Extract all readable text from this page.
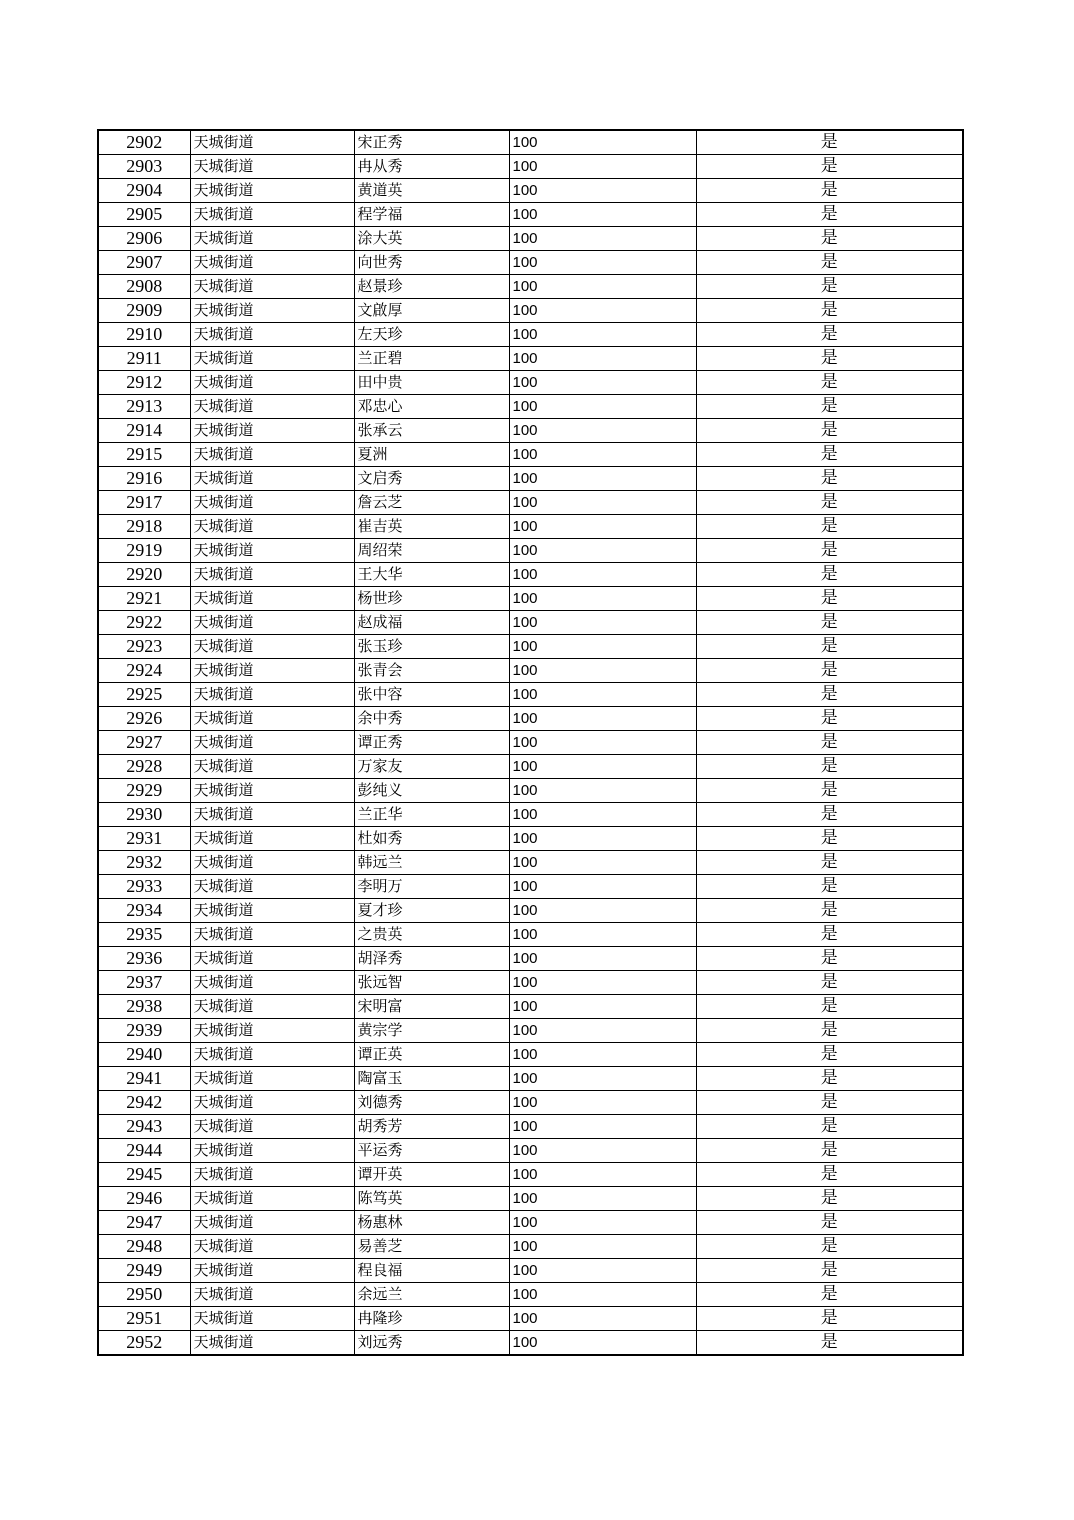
2902	天城街道	宋正秀	100	是
2903	天城街道	冉从秀	100	是
2904	天城街道	黄道英	100	是
2905	天城街道	程学福	100	是
2906	天城街道	涂大英	100	是
2907	天城街道	向世秀	100	是
2908	天城街道	赵景珍	100	是
2909	天城街道	文啟厚	100	是
2910	天城街道	左天珍	100	是
2911	天城街道	兰正碧	100	是
2912	天城街道	田中贵	100	是
2913	天城街道	邓忠心	100	是
2914	天城街道	张承云	100	是
2915	天城街道	夏洲	100	是
2916	天城街道	文启秀	100	是
2917	天城街道	詹云芝	100	是
2918	天城街道	崔吉英	100	是
2919	天城街道	周绍荣	100	是
2920	天城街道	王大华	100	是
2921	天城街道	杨世珍	100	是
2922	天城街道	赵成福	100	是
2923	天城街道	张玉珍	100	是
2924	天城街道	张青会	100	是
2925	天城街道	张中容	100	是
2926	天城街道	余中秀	100	是
2927	天城街道	谭正秀	100	是
2928	天城街道	万家友	100	是
2929	天城街道	彭纯义	100	是
2930	天城街道	兰正华	100	是
2931	天城街道	杜如秀	100	是
2932	天城街道	韩远兰	100	是
2933	天城街道	李明万	100	是
2934	天城街道	夏才珍	100	是
2935	天城街道	之贵英	100	是
2936	天城街道	胡泽秀	100	是
2937	天城街道	张远智	100	是
2938	天城街道	宋明富	100	是
2939	天城街道	黄宗学	100	是
2940	天城街道	谭正英	100	是
2941	天城街道	陶富玉	100	是
2942	天城街道	刘德秀	100	是
2943	天城街道	胡秀芳	100	是
2944	天城街道	平运秀	100	是
2945	天城街道	谭开英	100	是
2946	天城街道	陈笃英	100	是
2947	天城街道	杨惠林	100	是
2948	天城街道	易善芝	100	是
2949	天城街道	程良福	100	是
2950	天城街道	余远兰	100	是
2951	天城街道	冉隆珍	100	是
2952	天城街道	刘远秀	100	是
